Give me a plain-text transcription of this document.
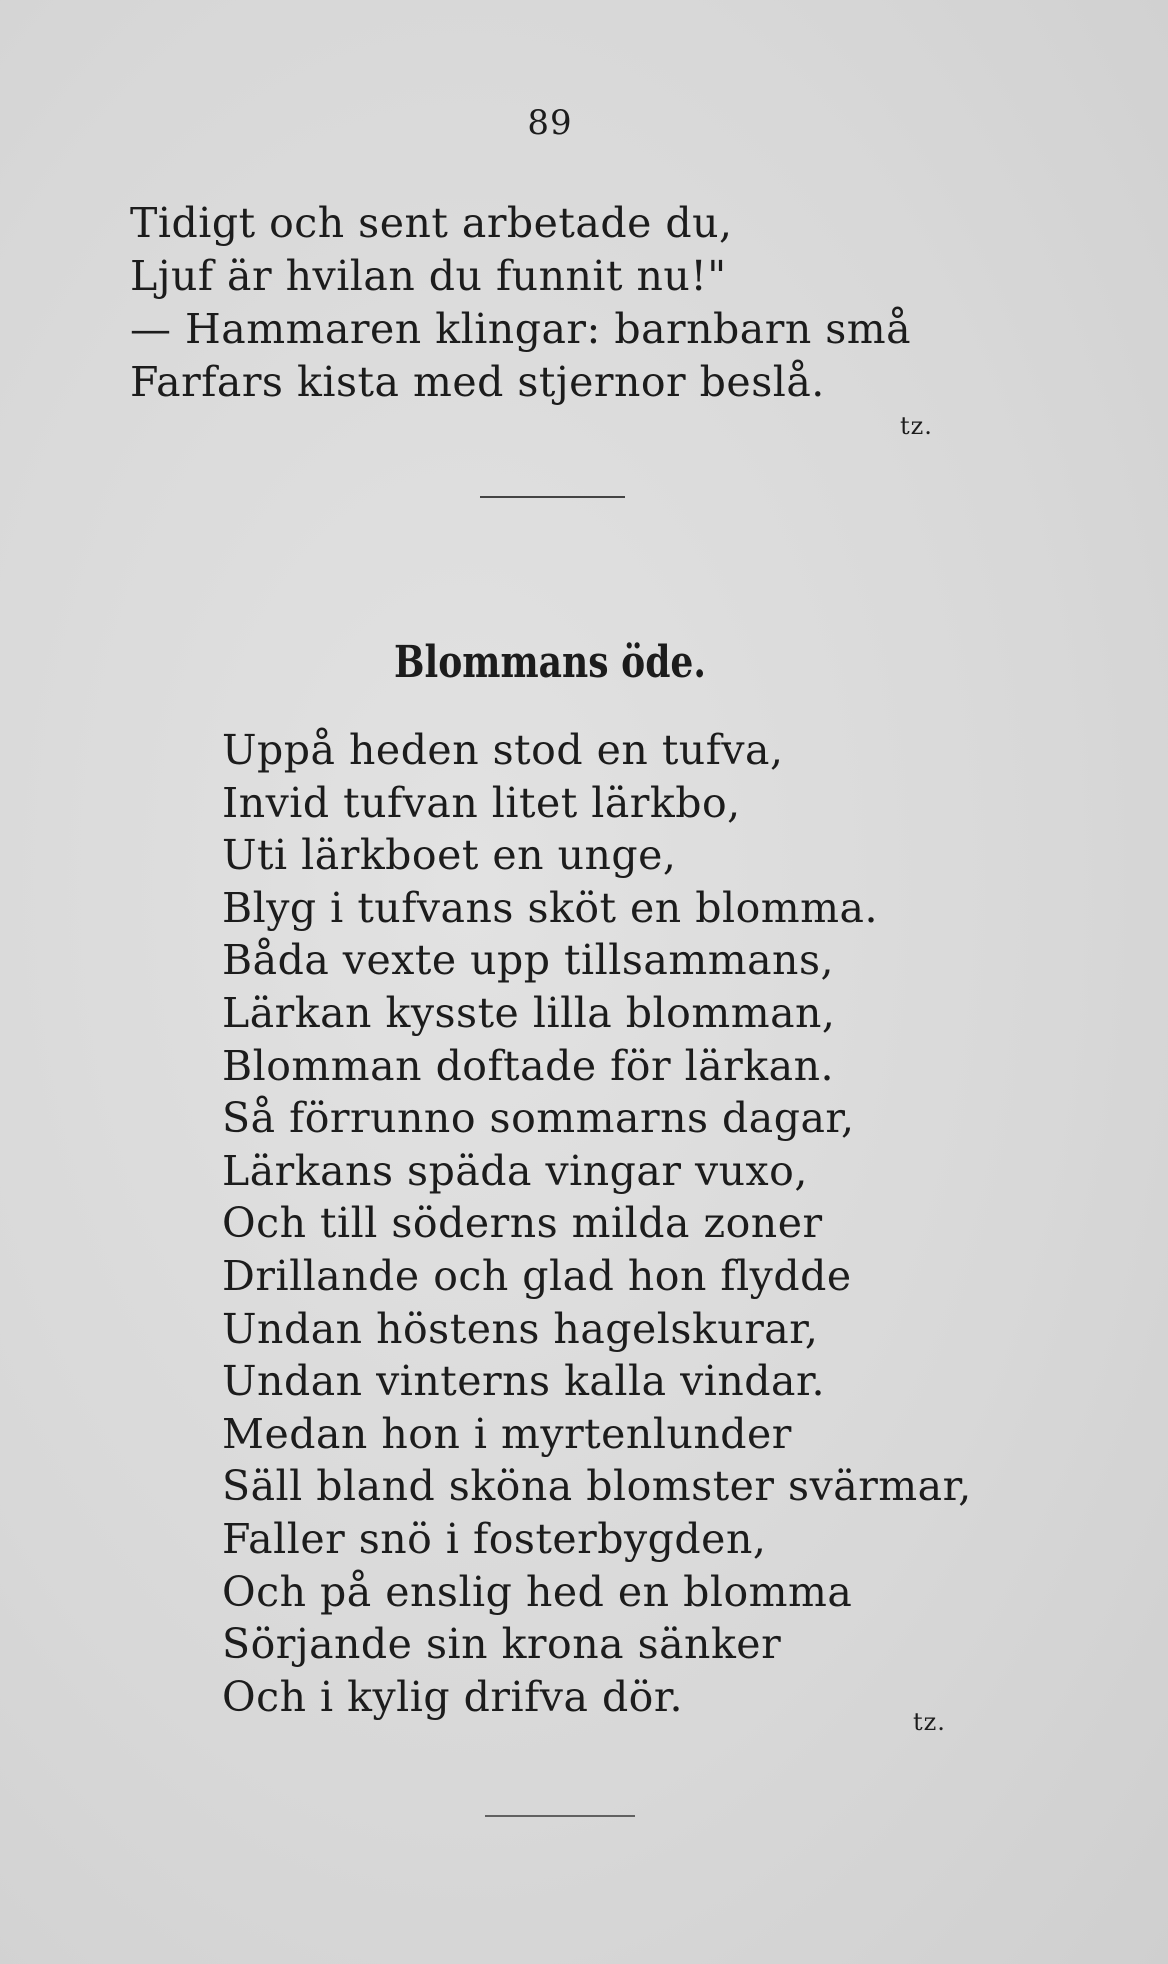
89
Tidigt och sent arbetade du,
Ljuf är hvilan du funnit nu!"
— Hammaren klingar: barnbarn små
Farfars kista med stjernor beslå.
tz.
Blommans öde.
Uppå heden stod en tufva,
Invid tufvan litet lärkbo,
Uti lärkboet en unge,
Blyg i tufvans sköt en blomma.
Båda vexte upp tillsammans,
Lärkan kysste lilla blomman,
Blomman doftade för lärkan.
Så förrunno sommarns dagar,
Lärkans späda vingar vuxo,
Och till söderns milda zoner
Drillande och glad hon flydde
Undan höstens hagelskurar,
Undan vinterns kalla vindar.
Medan hon i myrtenlunder
Säll bland sköna blomster svärmar,
Faller snö i fosterbygden,
Och på enslig hed en blomma
Sörjande sin krona sänker
Och i kylig drifva dör.
tz.
